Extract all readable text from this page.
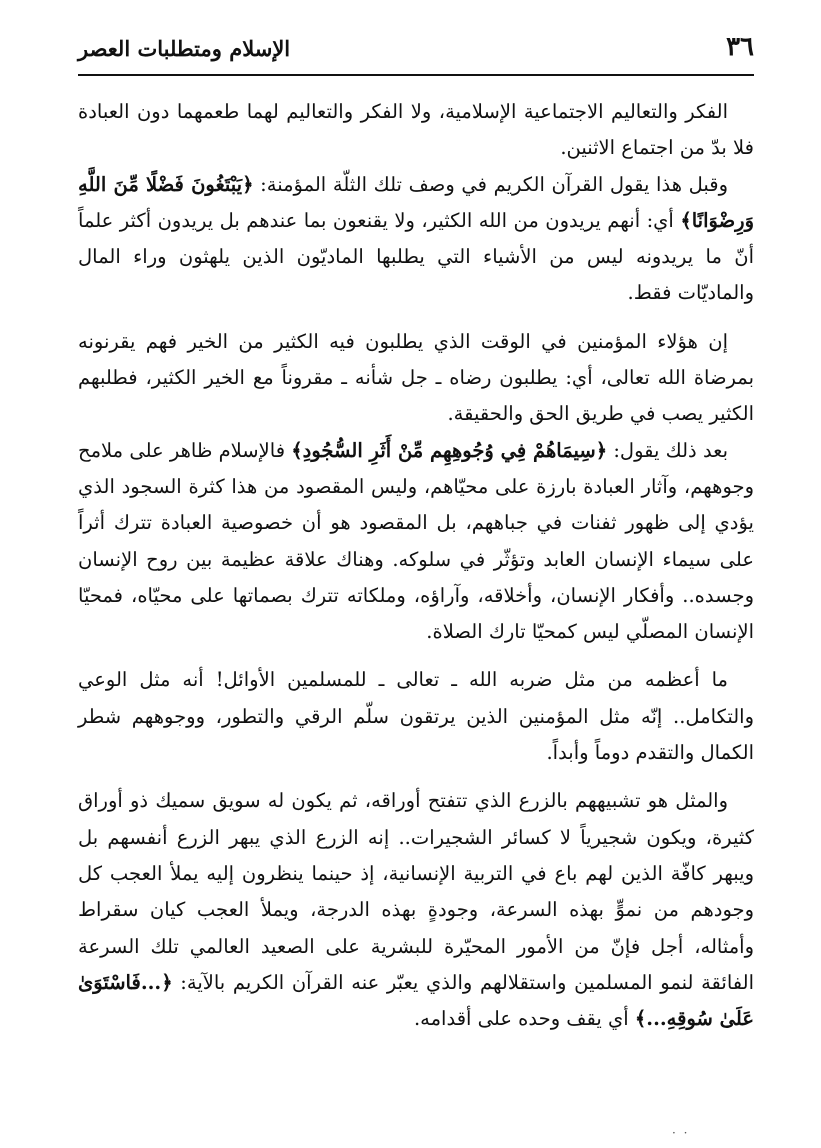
٣٦
الإسلام ومتطلبات العصر

الفكر والتعاليم الاجتماعية الإسلامية، ولا الفكر والتعاليم لهما طعمهما دون العبادة فلا بدّ من اجتماع الاثنين.

وقبل هذا يقول القرآن الكريم في وصف تلك الثلّة المؤمنة: ﴿يَبْتَغُونَ فَضْلًا مِّنَ اللَّهِ وَرِضْوَانًا﴾ أي: أنهم يريدون من الله الكثير، ولا يقنعون بما عندهم بل يريدون أكثر علماً أنّ ما يريدونه ليس من الأشياء التي يطلبها الماديّون الذين يلهثون وراء المال والماديّات فقط.

إن هؤلاء المؤمنين في الوقت الذي يطلبون فيه الكثير من الخير فهم يقرنونه بمرضاة الله تعالى، أي: يطلبون رضاه ـ جل شأنه ـ مقروناً مع الخير الكثير، فطلبهم الكثير يصب في طريق الحق والحقيقة.

بعد ذلك يقول: ﴿سِيمَاهُمْ فِي وُجُوهِهِم مِّنْ أَثَرِ السُّجُودِ﴾ فالإسلام ظاهر على ملامح وجوههم، وآثار العبادة بارزة على محيّاهم، وليس المقصود من هذا كثرة السجود الذي يؤدي إلى ظهور ثفنات في جباههم، بل المقصود هو أن خصوصية العبادة تترك أثراً على سيماء الإنسان العابد وتؤثّر في سلوكه. وهناك علاقة عظيمة بين روح الإنسان وجسده.. وأفكار الإنسان، وأخلاقه، وآراؤه، وملكاته تترك بصماتها على محيّاه، فمحيّا الإنسان المصلّي ليس كمحيّا تارك الصلاة.

ما أعظمه من مثل ضربه الله ـ تعالى ـ للمسلمين الأوائل! أنه مثل الوعي والتكامل.. إنّه مثل المؤمنين الذين يرتقون سلّم الرقي والتطور، ووجوههم شطر الكمال والتقدم دوماً وأبداً.

والمثل هو تشبيههم بالزرع الذي تتفتح أوراقه، ثم يكون له سويق سميك ذو أوراق كثيرة، ويكون شجيرياً لا كسائر الشجيرات.. إنه الزرع الذي يبهر الزرع أنفسهم بل ويبهر كافّة الذين لهم باع في التربية الإنسانية، إذ حينما ينظرون إليه يملأ العجب كل وجودهم من نموٍّ بهذه السرعة، وجودةٍ بهذه الدرجة، ويملأ العجب كيان سقراط وأمثاله، أجل فإنّ من الأمور المحيّرة للبشرية على الصعيد العالمي تلك السرعة الفائقة لنمو المسلمين واستقلالهم والذي يعبّر عنه القرآن الكريم بالآية: ﴿...فَاسْتَوَىٰ عَلَىٰ سُوقِهِ...﴾ أي يقف وحده على أقدامه.

· ·
